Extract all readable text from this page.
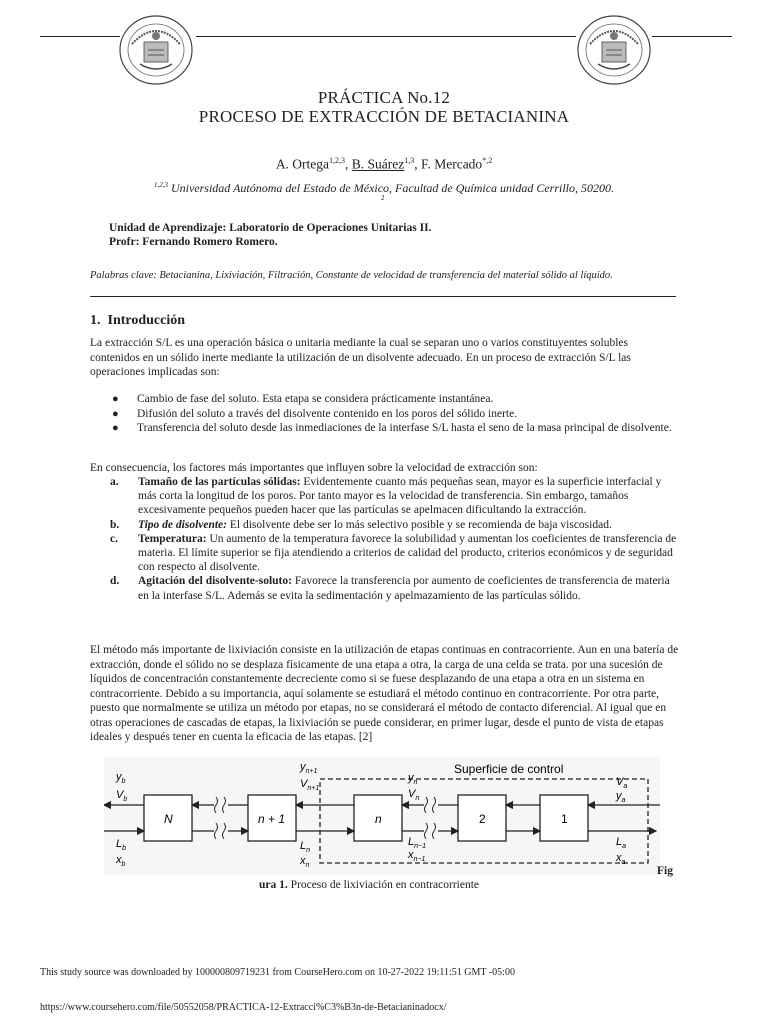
PRÁCTICA No.12
PROCESO DE EXTRACCIÓN DE BETACIANINA
A. Ortega$^{1,2,3}$, B. Suárez$^{1,3}$, F. Mercado$^{*,2}$
$^{1,2,3}$ Universidad Autónoma del Estado de México, Facultad de Química unidad Cerrillo, 50200.
2
Unidad de Aprendizaje: Laboratorio de Operaciones Unitarias II.
Profr: Fernando Romero Romero.
Palabras clave: Betacianina, Lixiviación, Filtración, Constante de velocidad de transferencia del material sólido al líquido.
1.  Introducción

La extracción S/L es una operación básica o unitaria mediante la cual se separan uno o varios constituyentes solubles contenidos en un sólido inerte mediante la utilización de un disolvente adecuado. En un proceso de extracción S/L las operaciones implicadas son:

● Cambio de fase del soluto. Esta etapa se considera prácticamente instantánea.
● Difusión del soluto a través del disolvente contenido en los poros del sólido inerte.
● Transferencia del soluto desde las inmediaciones de la interfase S/L hasta el seno de la masa principal de disolvente.

En consecuencia, los factores más importantes que influyen sobre la velocidad de extracción son:

a. Tamaño de las partículas sólidas: Evidentemente cuanto más pequeñas sean, mayor es la superficie interfacial y más corta la longitud de los poros. Por tanto mayor es la velocidad de transferencia. Sin embargo, tamaños excesivamente pequeños pueden hacer que las partículas se apelmacen dificultando la extracción.
b. Tipo de disolvente: El disolvente debe ser lo más selectivo posible y se recomienda de baja viscosidad.
c. Temperatura: Un aumento de la temperatura favorece la solubilidad y aumentan los coeficientes de transferencia de materia. El límite superior se fija atendiendo a criterios de calidad del producto, criterios económicos y de seguridad con respecto al disolvente.
d. Agitación del disolvente-soluto: Favorece la transferencia por aumento de coeficientes de transferencia de materia en la interfase S/L. Además se evita la sedimentación y apelmazamiento de las partículas sólido.

El método más importante de lixiviación consiste en la utilización de etapas continuas en contracorriente. Aun en una batería de extracción, donde el sólido no se desplaza físicamente de una etapa a otra, la carga de una celda se trata. por una sucesión de líquidos de concentración constantemente decreciente como si se fuese desplazando de una etapa a otra en un sistema en contracorriente. Debido a su importancia, aquí solamente se estudiará el método continuo en contracorriente. Por otra parte, puesto que normalmente se utiliza un método por etapas, no se considerará el método de contacto diferencial. Al igual que en otras operaciones de cascadas de etapas, la lixiviación se puede considerar, en primer lugar, desde el punto de vista de etapas ideales y después tener en cuenta la eficacia de las etapas. [2]

Superficie de control
N	n + 1	n	2	1
$y_b$
$V_b$
$L_b$
$x_b$
$y_{n+1}$
$V_{n+1}$
$L_n$
$x_n$
$y_n$
$V_n$
$L_{n-1}$
$x_{n-1}$
$V_a$
$y_a$
$L_a$
$x_a$
Fig
ura 1. Proceso de lixiviación en contracorriente
This study source was downloaded by 100000809719231 from CourseHero.com on 10-27-2022 19:11:51 GMT -05:00
https://www.coursehero.com/file/50552058/PRACTICA-12-Extracci%C3%B3n-de-Betacianinadocx/
